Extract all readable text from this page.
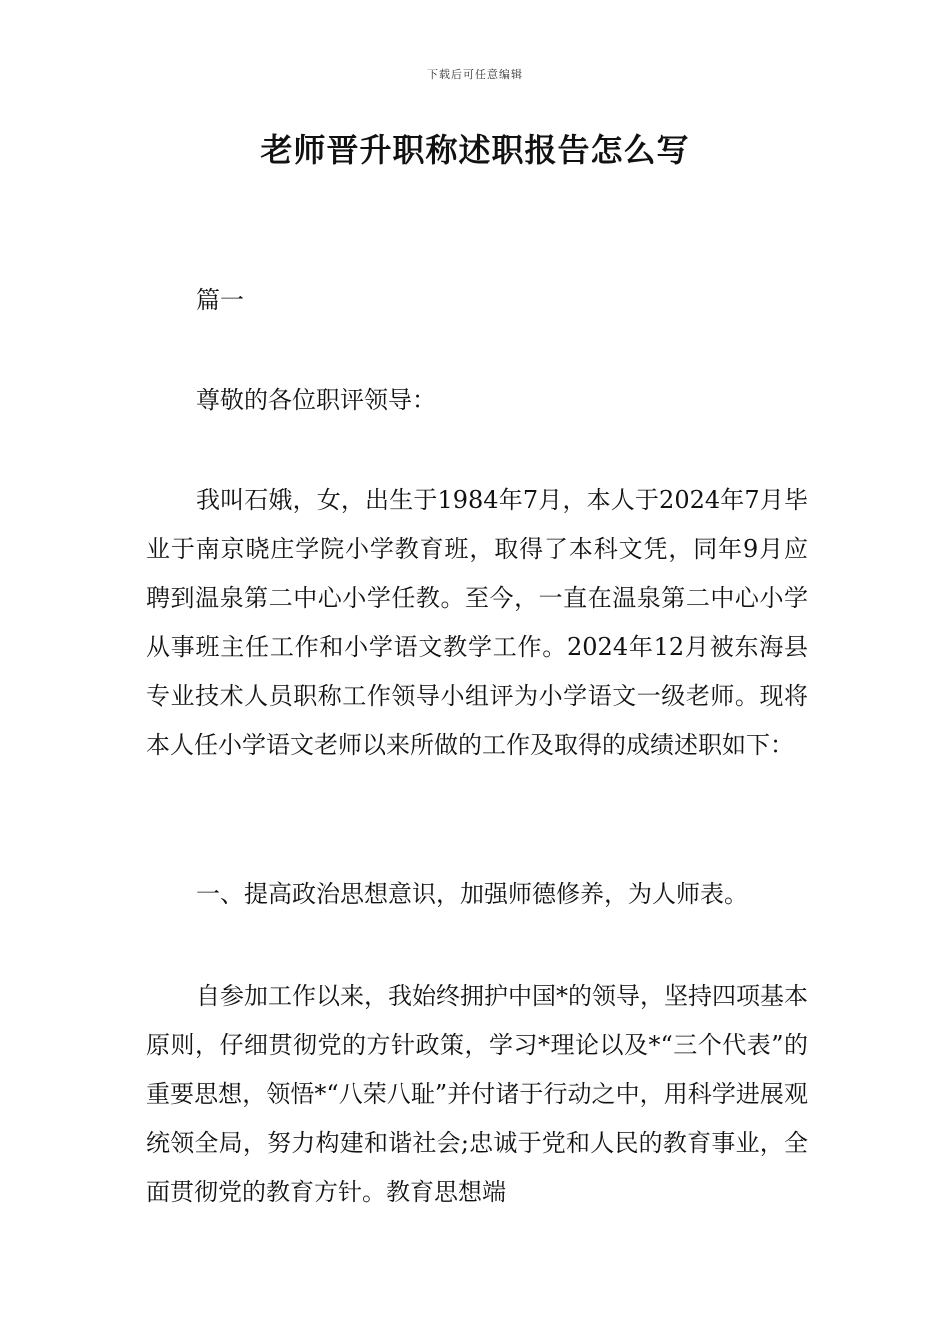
下载后可任意编辑
老师晋升职称述职报告怎么写

篇一

尊敬的各位职评领导：

我叫石娥，女，出生于1984年7月，本人于2024年7月毕业于南京晓庄学院小学教育班，取得了本科文凭，同年9月应聘到温泉第二中心小学任教。至今，一直在温泉第二中心小学从事班主任工作和小学语文教学工作。2024年12月被东海县专业技术人员职称工作领导小组评为小学语文一级老师。现将本人任小学语文老师以来所做的工作及取得的成绩述职如下：

一、提高政治思想意识，加强师德修养，为人师表。

自参加工作以来，我始终拥护中国*的领导，坚持四项基本原则，仔细贯彻党的方针政策，学习*理论以及*“三个代表”的重要思想，领悟*“八荣八耻”并付诸于行动之中，用科学进展观统领全局，努力构建和谐社会;忠诚于党和人民的教育事业，全面贯彻党的教育方针。教育思想端
